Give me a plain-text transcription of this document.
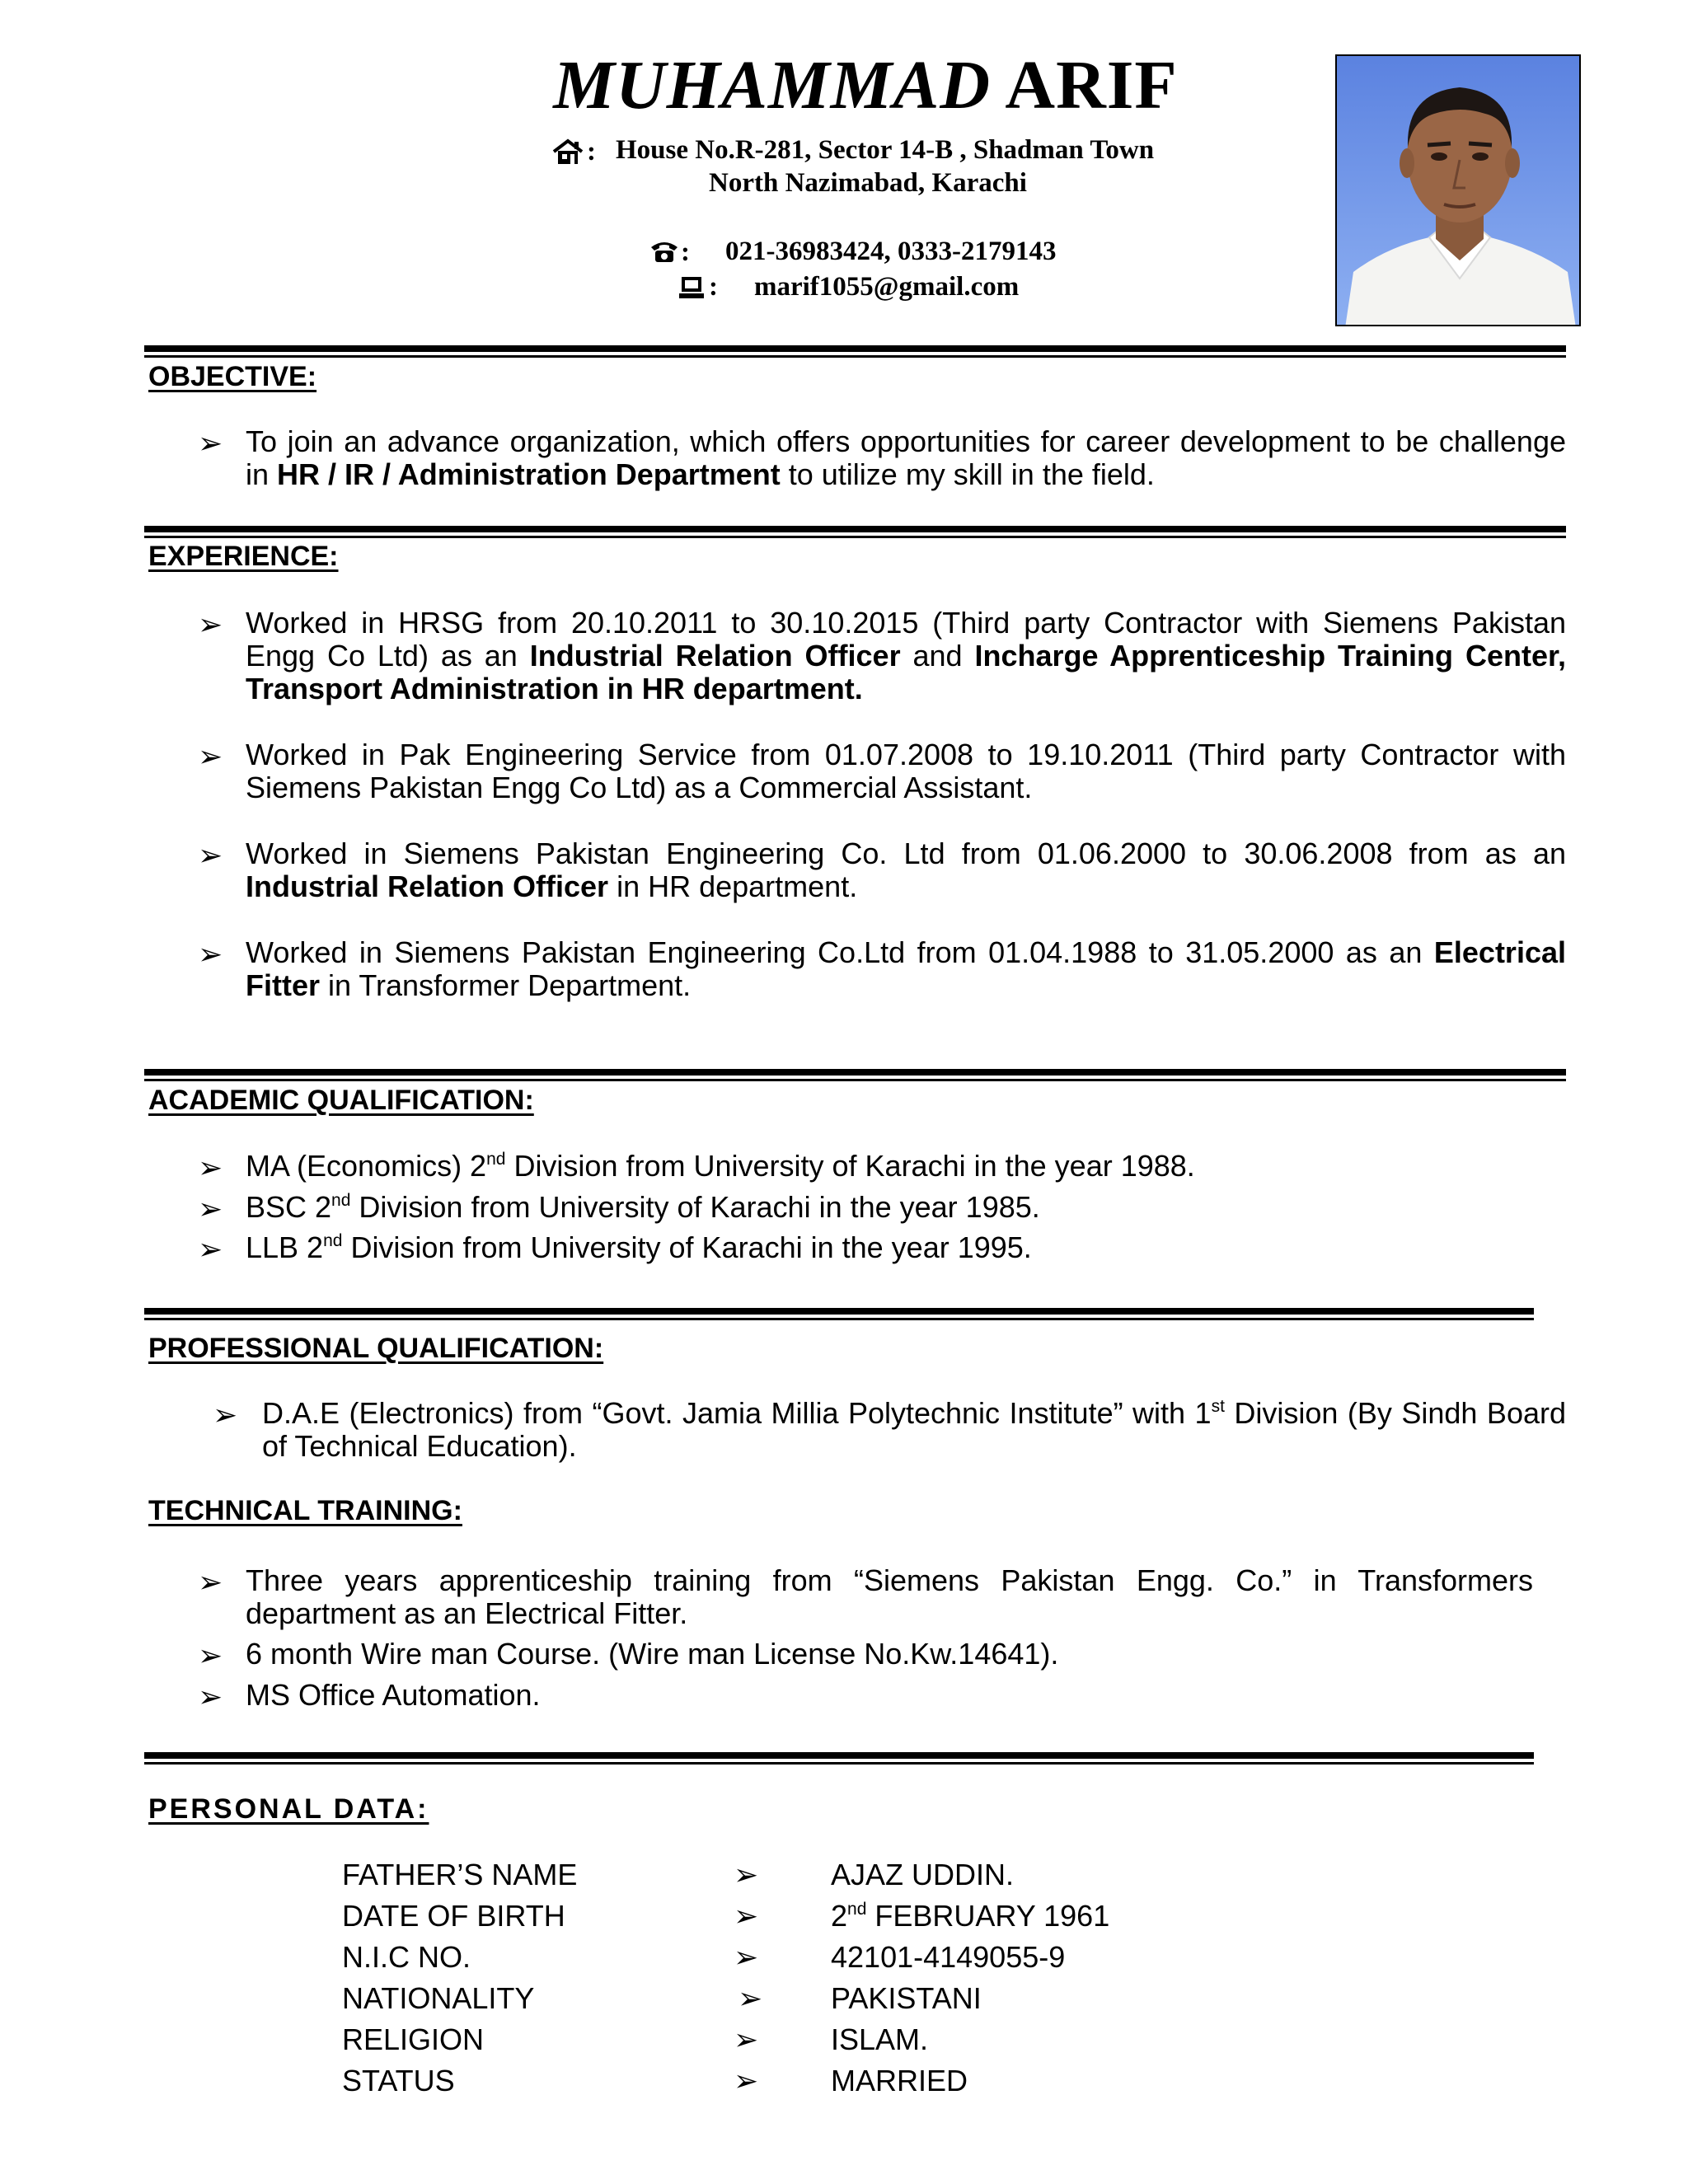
MUHAMMAD ARIF
: House No.R-281, Sector 14-B , Shadman Town
North Nazimabad, Karachi
: 021-36983424, 0333-2179143
: marif1055@gmail.com
OBJECTIVE:
➢ To join an advance organization, which offers opportunities for career development to be challenge in HR / IR / Administration Department to utilize my skill in the field.
EXPERIENCE:
➢ Worked in HRSG from 20.10.2011 to 30.10.2015 (Third party Contractor with Siemens Pakistan Engg Co Ltd) as an Industrial Relation Officer and Incharge Apprenticeship Training Center, Transport Administration in HR department.
➢ Worked in Pak Engineering Service from 01.07.2008 to 19.10.2011 (Third party Contractor with Siemens Pakistan Engg Co Ltd) as a Commercial Assistant.
➢ Worked in Siemens Pakistan Engineering Co. Ltd from 01.06.2000 to 30.06.2008 from as an Industrial Relation Officer in HR department.
➢ Worked in Siemens Pakistan Engineering Co.Ltd from 01.04.1988 to 31.05.2000 as an Electrical Fitter in Transformer Department.
ACADEMIC QUALIFICATION:
➢ MA (Economics) 2nd Division from University of Karachi in the year 1988.
➢ BSC 2nd Division from University of Karachi in the year 1985.
➢ LLB 2nd Division from University of Karachi in the year 1995.
PROFESSIONAL QUALIFICATION:
➢ D.A.E (Electronics) from “Govt. Jamia Millia Polytechnic Institute” with 1st Division (By Sindh Board of Technical Education).
TECHNICAL TRAINING:
➢ Three years apprenticeship training from “Siemens Pakistan Engg. Co.” in Transformers department as an Electrical Fitter.
➢ 6 month Wire man Course. (Wire man License No.Kw.14641).
➢ MS Office Automation.
PERSONAL DATA:
FATHER’S NAME	➢ AJAZ UDDIN.
DATE OF BIRTH	➢ 2nd FEBRUARY 1961
N.I.C NO.	➢ 42101-4149055-9
NATIONALITY	➢ PAKISTANI
RELIGION	➢ ISLAM.
STATUS	➢ MARRIED
